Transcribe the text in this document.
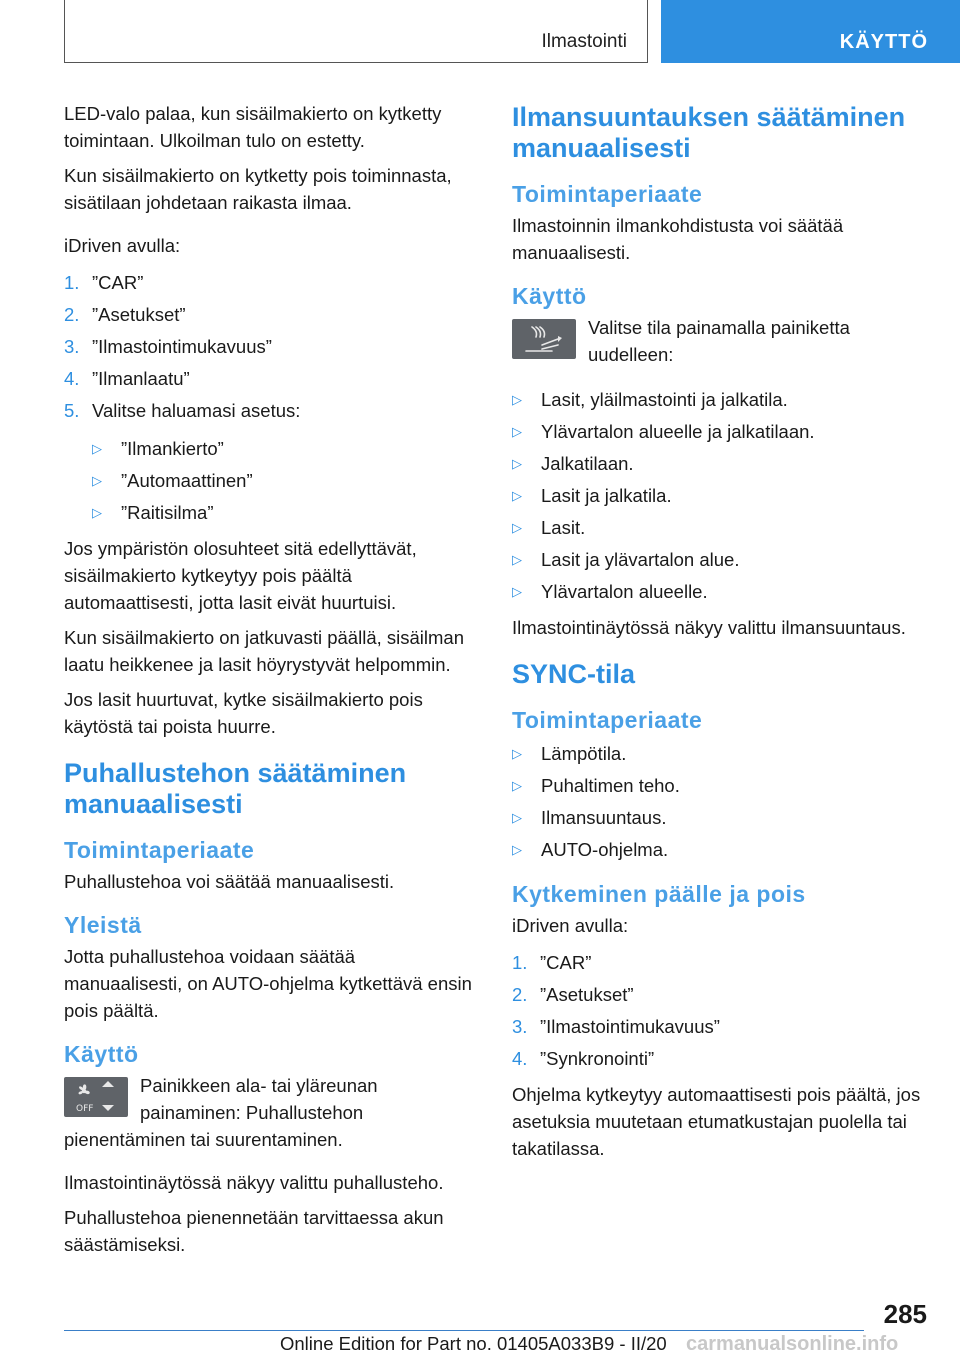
Ilmastointi	KÄYTTÖ

LED-valo palaa, kun sisäilmakierto on kytketty toimintaan. Ulkoilman tulo on estetty.

Kun sisäilmakierto on kytketty pois toiminnasta, sisätilaan johdetaan raikasta ilmaa.

iDriven avulla:

1. ”CAR”
2. ”Asetukset”
3. ”Ilmastointimukavuus”
4. ”Ilmanlaatu”
5. Valitse haluamasi asetus:
▷	”Ilmankierto”
▷	”Automaattinen”
▷	”Raitisilma”

Jos ympäristön olosuhteet sitä edellyttävät, sisäilmakierto kytkeytyy pois päältä automaattisesti, jotta lasit eivät huurtuisi.

Kun sisäilmakierto on jatkuvasti päällä, sisäilman laatu heikkenee ja lasit höyrystyvät helpommin.

Jos lasit huurtuvat, kytke sisäilmakierto pois käytöstä tai poista huurre.

Puhallustehon säätäminen manuaalisesti
Toimintaperiaate

Puhallustehoa voi säätää manuaalisesti.

Yleistä

Jotta puhallustehoa voidaan säätää manuaalisesti, on AUTO-ohjelma kytkettävä ensin pois päältä.

Käyttö
OFF

Painikkeen ala- tai yläreunan painaminen: Puhallustehon pienentäminen tai suurentaminen.

Ilmastointinäytössä näkyy valittu puhallusteho.

Puhallustehoa pienennetään tarvittaessa akun säästämiseksi.

Ilmansuuntauksen säätäminen manuaalisesti
Toimintaperiaate

Ilmastoinnin ilmankohdistusta voi säätää manuaalisesti.

Käyttö

Valitse tila painamalla painiketta uudelleen:

▷	Lasit, yläilmastointi ja jalkatila.
▷	Ylävartalon alueelle ja jalkatilaan.
▷	Jalkatilaan.
▷	Lasit ja jalkatila.
▷	Lasit.
▷	Lasit ja ylävartalon alue.
▷	Ylävartalon alueelle.

Ilmastointinäytössä näkyy valittu ilmansuuntaus.

SYNC-tila
Toimintaperiaate
▷	Lämpötila.
▷	Puhaltimen teho.
▷	Ilmansuuntaus.
▷	AUTO-ohjelma.
Kytkeminen päälle ja pois

iDriven avulla:

1. ”CAR”
2. ”Asetukset”
3. ”Ilmastointimukavuus”
4. ”Synkronointi”

Ohjelma kytkeytyy automaattisesti pois päältä, jos asetuksia muutetaan etumatkustajan puolella tai takatilassa.

285
Online Edition for Part no. 01405A033B9 - II/20 carmanualsonline.info
